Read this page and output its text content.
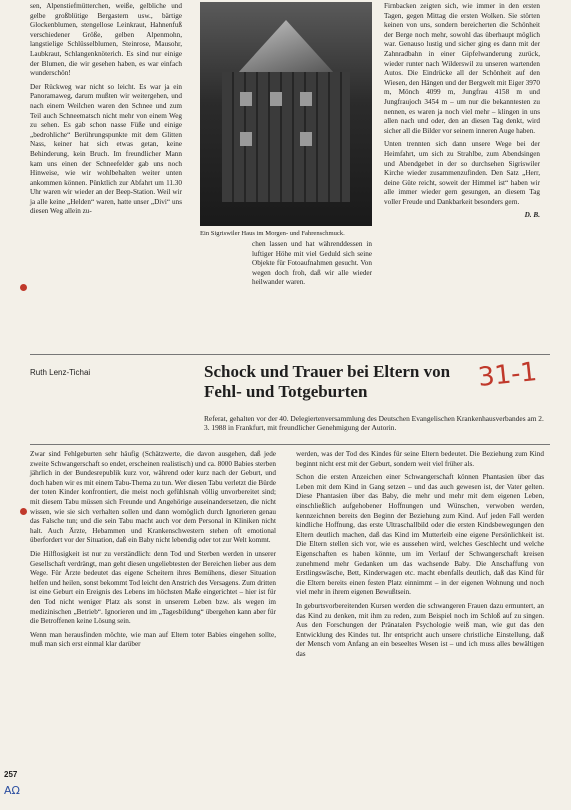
sen, Alpenstiefmütterchen, weiße, gelbliche und gelbe großblütige Bergastern usw., bärtige Glockenblumen, stengellose Leinkraut, Hahnenfuß verschiedener Größe, gelben Alpenmohn, langstielige Schlüsselblumen, Steinrose, Mausohr, Laubkraut, Schlangenknöterich. Es sind nur einige der Blumen, die wir gesehen haben, es war einfach wunderschön!

Der Rückweg war nicht so leicht. Es war ja ein Panoramaweg, darum mußten wir weitergehen, und nach einem Weilchen waren den Schnee und zum Teil auch Schneematsch nicht mehr von einem Weg zu sehen. Es gab schon nasse Füße und einige „bedrohliche“ Berührungspunkte mit dem Glitten Nass, keiner hat sich etwas getan, keine Behinderung, kein Bruch. Im freundlicher Mann kam uns einen der Schneefelder gab uns noch Hinweise, wie wir wohlbehalten weiter unten ankommen können. Pünktlich zur Abfahrt um 11.30 Uhr waren wir wieder an der Beep-Station. Weil wir ja alle keine „Helden“ waren, hatte unser „Divi“ uns diesen Weg allein zu-

Ein Sigriswiler Haus im Morgen- und Fahrenschmuck.

chen lassen und hat währenddessen in luftiger Höhe mit viel Geduld sich seine Objekte für Fotoaufnahmen gesucht. Von wegen doch froh, daß wir alle wieder heilwander waren.

Firnbacken zeigten sich, wie immer in den ersten Tagen, gegen Mittag die ersten Wolken. Sie störten keinen von uns, sondern bereicherten die Schönheit der Berge noch mehr, sowohl das überhaupt möglich war. Genauso lustig und sicher ging es dann mit der Zahnradbahn in einer Gipfelwanderung zurück, wieder runter nach Wilderswil zu unseren wartenden Autos. Die Eindrücke all der Schönheit auf den Wiesen, den Hängen und der Bergwelt mit Eiger 3970 m, Mönch 4099 m, Jungfrau 4158 m und Jungfraujoch 3454 m – um nur die bekanntesten zu nennen, es waren ja noch viel mehr – klingen in uns allen nach und oder, den an diesen Tag denkt, wird sicher all die Bilder vor seinem inneren Auge haben.

Unten trennten sich dann unsere Wege bei der Heimfahrt, um sich zu Strahlbe, zum Abendsingen und Abendgebet in der so durchsehen Sigriswiler Kirche wieder zusammenzufinden. Den Satz „Herr, deine Güte reicht, soweit der Himmel ist“ haben wir alle immer wieder gern gesungen, an diesem Tag voller Freude und Dankbarkeit besonders gern.

D. B.
Ruth Lenz-Tichai	Schock und Trauer bei Eltern von Fehl- und Totgeburten	31-1
Referat, gehalten vor der 40. Delegiertenversammlung des Deutschen Evangelischen Krankenhausverbandes am 2. 3. 1988 in Frankfurt, mit freundlicher Genehmigung der Autorin.

Zwar sind Fehlgeburten sehr häufig (Schätzwerte, die davon ausgehen, daß jede zweite Schwangerschaft so endet, erscheinen realistisch) und ca. 8000 Babies sterben jährlich in der Bundesrepublik kurz vor, während oder kurz nach der Geburt, und doch haben wir es mit einem Tabu-Thema zu tun. Wer diesen Tabu verletzt die Bürde der toten Kinder konfrontiert, die meist noch gefühlsnah völlig unvorbereitet sind; mit diesem Tabu müssen sich Freunde und Angehörige auseinandersetzen, die nicht wissen, wie sie sich verhalten sollen und dann womöglich durch Ignorieren genau das Falsche tun; und die sein Tabu macht auch vor dem Personal in Kliniken nicht halt. Auch Ärzte, Hebammen und Krankenschwestern stehen oft emotional überfordert vor der Situation, daß ein Baby nicht lebendig oder tot zur Welt kommt.

Die Hilflosigkeit ist nur zu verständlich: denn Tod und Sterben werden in unserer Gesellschaft verdrängt, man geht diesen ungeliebtesten der Bereichen lieber aus dem Wege. Für Ärzte bedeutet das eigene Scheitern ihres Bemühens, dieser Situation helfen und heilen, sonst bekommt Tod leicht den Anstrich des Versagens. Zum dritten ist eine Geburt ein Ereignis des Lebens im höchsten Maße eingerichtet – hier ist für den Tod nicht weniger Platz als sonst in unserem Leben bzw. als wegen im medizinischen „Betrieb“. Ignorieren und im „Tagesbildung“ übergehen kann aber für die Betroffenen keine Lösung sein.

Wenn man herausfinden möchte, wie man auf Eltern toter Babies eingehen sollte, muß man sich erst einmal klar darüber

werden, was der Tod des Kindes für seine Eltern bedeutet. Die Beziehung zum Kind beginnt nicht erst mit der Geburt, sondern weit viel früher als.

Schon die ersten Anzeichen einer Schwangerschaft können Phantasien über das Leben mit dem Kind in Gang setzen – und das auch gewesen ist, der Vater gelten. Diese Phantasien über das Baby, die mehr und mehr mit dem eigenen Leben, einschließlich aufgehobener Hoffnungen und Wünschen, verwoben werden, kennzeichnen bereits den Beginn der Beziehung zum Kind. Auf jeden Fall werden kindliche Hoffnung, das erste Ultraschallbild oder die ersten Kindsbewegungen den Eltern deutlich machen, daß das Kind im Mutterleib eine eigene Persönlichkeit ist. Die Eltern stellen sich vor, wie es aussehen wird, welches Geschlecht und welche Eigenschaften es haben könnte, um im Verlauf der Schwangerschaft kreisen zunehmend mehr Gedanken um das wachsende Baby. Die Anschaffung von Erstlingswäsche, Bett, Kinderwagen etc. macht ebenfalls deutlich, daß das Kind für die Eltern bereits einen festen Platz einnimmt – in der eigenen Wohnung und noch viel mehr in ihrem eigenen Bewußtsein.

In geburtsvorbereitenden Kursen werden die schwangeren Frauen dazu ermuntert, an das Kind zu denken, mit ihm zu reden, zum Beispiel noch im Schloß auf zu singen. Aus den Forschungen der Pränatalen Psychologie weiß man, wie gut das den Entwicklung des Kindes tut. Ihr entspricht auch unsere christliche Einstellung, daß der Mensch vom Anfang an ein beseeltes Wesen ist – und ich muss alles bewältigen das

257
AΩ
